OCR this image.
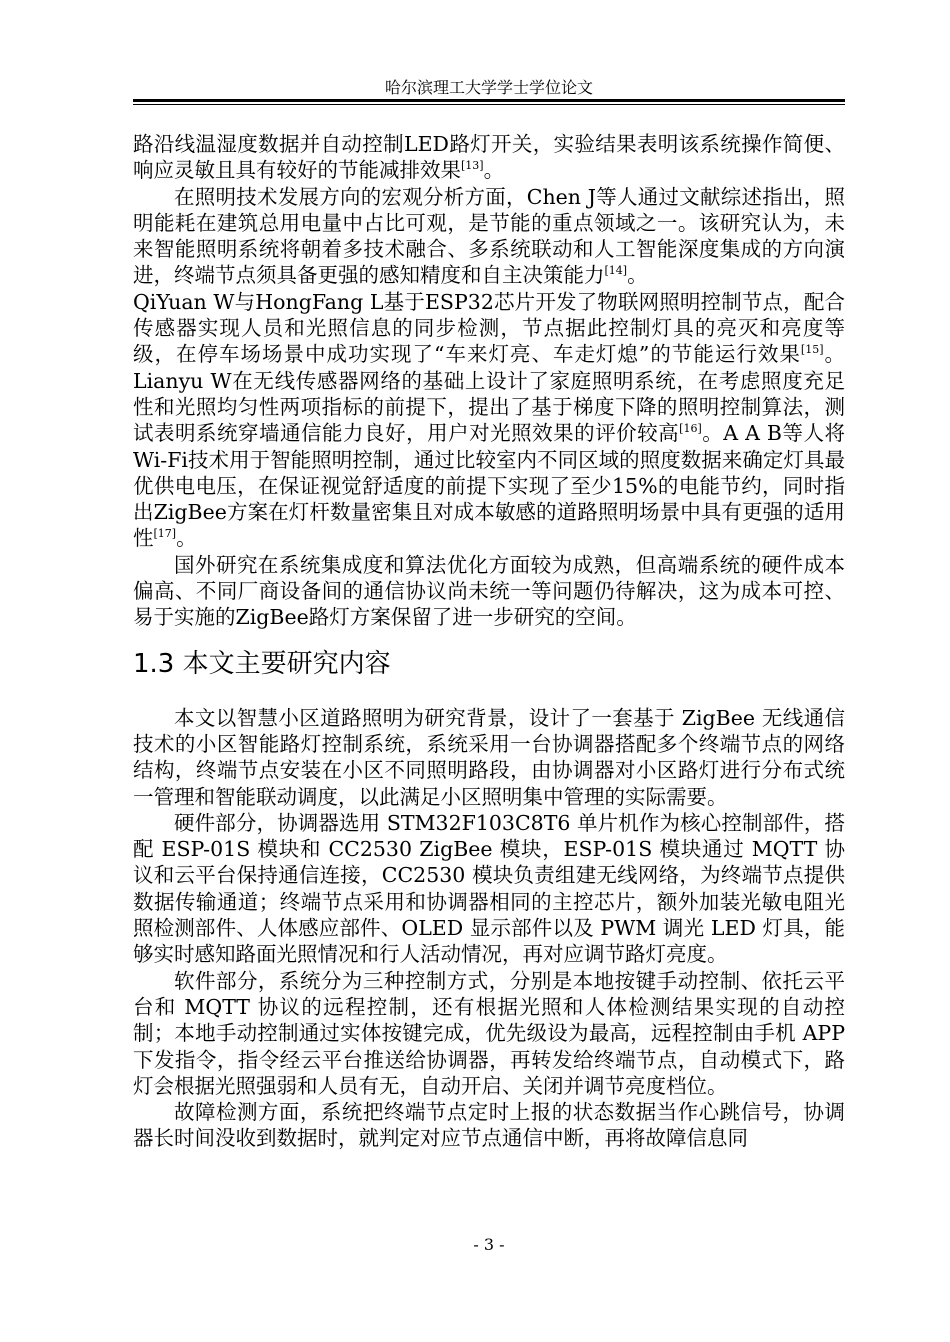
哈尔滨理工大学学士学位论文

路沿线温湿度数据并自动控制LED路灯开关，实验结果表明该系统操作简便、响应灵敏且具有较好的节能减排效果[13]。

在照明技术发展方向的宏观分析方面，Chen J等人通过文献综述指出，照明能耗在建筑总用电量中占比可观，是节能的重点领域之一。该研究认为，未来智能照明系统将朝着多技术融合、多系统联动和人工智能深度集成的方向演进，终端节点须具备更强的感知精度和自主决策能力[14]。

QiYuan W与HongFang L基于ESP32芯片开发了物联网照明控制节点，配合传感器实现人员和光照信息的同步检测，节点据此控制灯具的亮灭和亮度等级，在停车场场景中成功实现了“车来灯亮、车走灯熄”的节能运行效果[15]。Lianyu W在无线传感器网络的基础上设计了家庭照明系统，在考虑照度充足性和光照均匀性两项指标的前提下，提出了基于梯度下降的照明控制算法，测试表明系统穿墙通信能力良好，用户对光照效果的评价较高[16]。A A B等人将Wi-Fi技术用于智能照明控制，通过比较室内不同区域的照度数据来确定灯具最优供电电压，在保证视觉舒适度的前提下实现了至少15%的电能节约，同时指出ZigBee方案在灯杆数量密集且对成本敏感的道路照明场景中具有更强的适用性[17]。

国外研究在系统集成度和算法优化方面较为成熟，但高端系统的硬件成本偏高、不同厂商设备间的通信协议尚未统一等问题仍待解决，这为成本可控、易于实施的ZigBee路灯方案保留了进一步研究的空间。

1.3 本文主要研究内容

本文以智慧小区道路照明为研究背景，设计了一套基于 ZigBee 无线通信技术的小区智能路灯控制系统，系统采用一台协调器搭配多个终端节点的网络结构，终端节点安装在小区不同照明路段，由协调器对小区路灯进行分布式统一管理和智能联动调度，以此满足小区照明集中管理的实际需要。

硬件部分，协调器选用 STM32F103C8T6 单片机作为核心控制部件，搭配 ESP-01S 模块和 CC2530 ZigBee 模块，ESP-01S 模块通过 MQTT 协议和云平台保持通信连接，CC2530 模块负责组建无线网络，为终端节点提供数据传输通道；终端节点采用和协调器相同的主控芯片，额外加装光敏电阻光照检测部件、人体感应部件、OLED 显示部件以及 PWM 调光 LED 灯具，能够实时感知路面光照情况和行人活动情况，再对应调节路灯亮度。

软件部分，系统分为三种控制方式，分别是本地按键手动控制、依托云平台和 MQTT 协议的远程控制，还有根据光照和人体检测结果实现的自动控制；本地手动控制通过实体按键完成，优先级设为最高，远程控制由手机 APP 下发指令，指令经云平台推送给协调器，再转发给终端节点，自动模式下，路灯会根据光照强弱和人员有无，自动开启、关闭并调节亮度档位。

故障检测方面，系统把终端节点定时上报的状态数据当作心跳信号，协调器长时间没收到数据时，就判定对应节点通信中断，再将故障信息同

- 3 -
